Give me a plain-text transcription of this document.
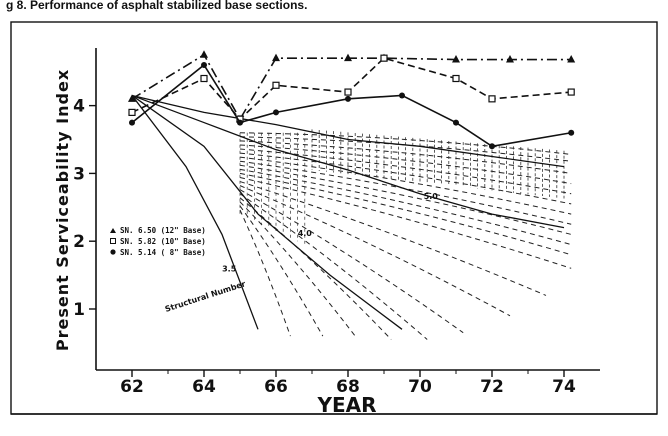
g 8. Performance of asphalt stabilized base sections.
5.0
4.0
3.5
62	64	66	68	70	72	74
1
2
3
4
YEAR
Present Serviceability Index	SN. 6.50 (12" Base)
SN. 5.82 (10" Base)
SN. 5.14 ( 8" Base)
Structural Number
